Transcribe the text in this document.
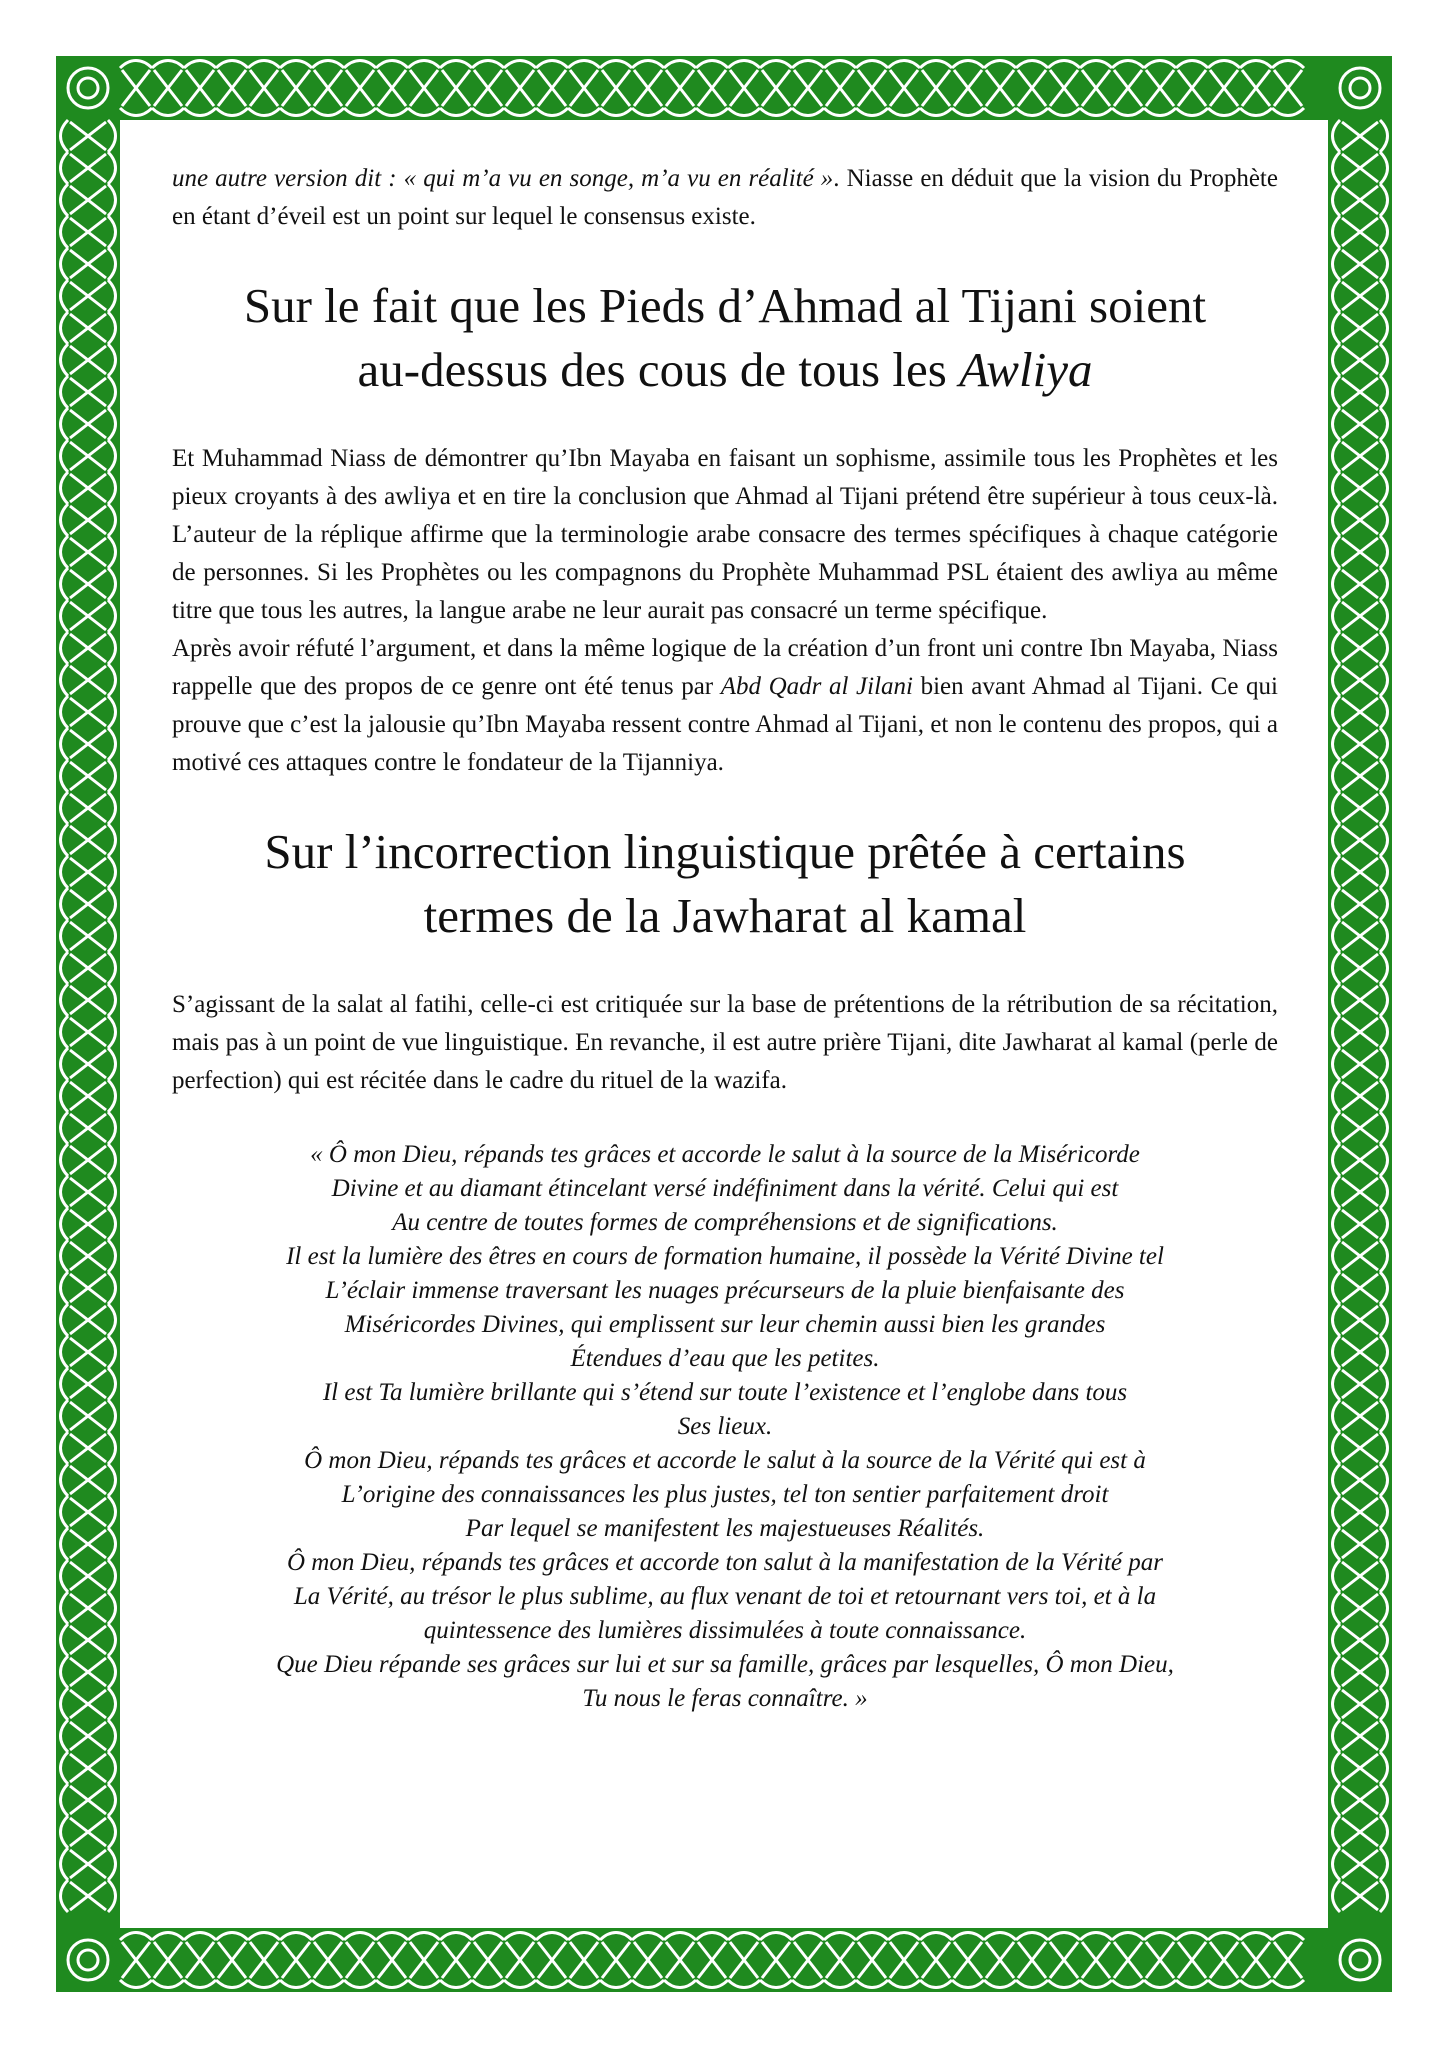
une autre version dit : « qui m’a vu en songe, m’a vu en réalité ». Niasse en déduit que la vision du Prophète en étant d’éveil est un point sur lequel le consensus existe.

Sur le fait que les Pieds d’Ahmad al Tijani soient
au-dessus des cous de tous les Awliya

Et Muhammad Niass de démontrer qu’Ibn Mayaba en faisant un sophisme, assimile tous les Prophètes et les pieux croyants à des awliya et en tire la conclusion que Ahmad al Tijani prétend être supérieur à tous ceux-là. L’auteur de la réplique affirme que la terminologie arabe consacre des termes spécifiques à chaque catégorie de personnes. Si les Prophètes ou les compagnons du Prophète Muhammad PSL étaient des awliya au même titre que tous les autres, la langue arabe ne leur aurait pas consacré un terme spécifique.

Après avoir réfuté l’argument, et dans la même logique de la création d’un front uni contre Ibn Mayaba, Niass rappelle que des propos de ce genre ont été tenus par Abd Qadr al Jilani bien avant Ahmad al Tijani. Ce qui prouve que c’est la jalousie qu’Ibn Mayaba ressent contre Ahmad al Tijani, et non le contenu des propos, qui a motivé ces attaques contre le fondateur de la Tijanniya.

Sur l’incorrection linguistique prêtée à certains
termes de la Jawharat al kamal

S’agissant de la salat al fatihi, celle-ci est critiquée sur la base de prétentions de la rétribution de sa récitation, mais pas à un point de vue linguistique. En revanche, il est autre prière Tijani, dite Jawharat al kamal (perle de perfection) qui est récitée dans le cadre du rituel de la wazifa.

« Ô mon Dieu, répands tes grâces et accorde le salut à la source de la Miséricorde
Divine et au diamant étincelant versé indéfiniment dans la vérité. Celui qui est
Au centre de toutes formes de compréhensions et de significations.
Il est la lumière des êtres en cours de formation humaine, il possède la Vérité Divine tel
L’éclair immense traversant les nuages précurseurs de la pluie bienfaisante des
Miséricordes Divines, qui emplissent sur leur chemin aussi bien les grandes
Étendues d’eau que les petites.
Il est Ta lumière brillante qui s’étend sur toute l’existence et l’englobe dans tous
Ses lieux.
Ô mon Dieu, répands tes grâces et accorde le salut à la source de la Vérité qui est à
L’origine des connaissances les plus justes, tel ton sentier parfaitement droit
Par lequel se manifestent les majestueuses Réalités.
Ô mon Dieu, répands tes grâces et accorde ton salut à la manifestation de la Vérité par
La Vérité, au trésor le plus sublime, au flux venant de toi et retournant vers toi, et à la
quintessence des lumières dissimulées à toute connaissance.
Que Dieu répande ses grâces sur lui et sur sa famille, grâces par lesquelles, Ô mon Dieu,
Tu nous le feras connaître. »
